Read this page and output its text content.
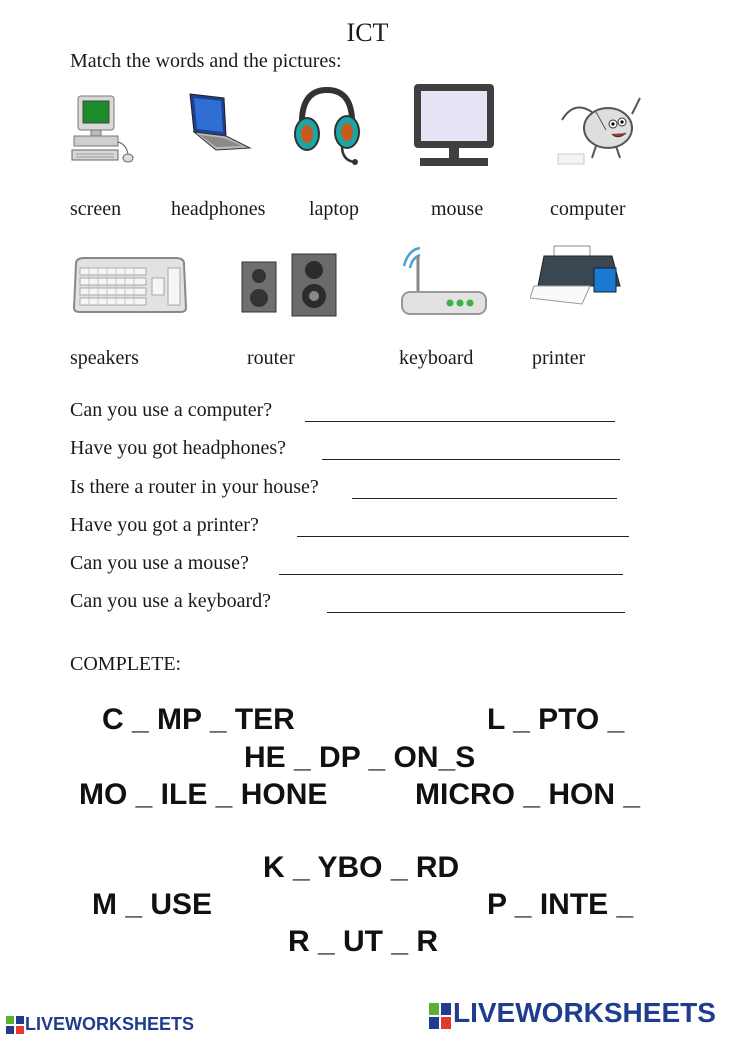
ICT
Match the words and the pictures:
screen headphones laptop	mouse	computer
speakers	router	keyboard	printer
Can you use a computer?
Have you got headphones?
Is there a router in your house?
Have you got a printer?
Can you use a mouse?
Can you use a keyboard?
COMPLETE:
C _ MP _ TER	L _ PTO _
HE _ DP _ ON_S
MO _ ILE _ HONE	MICRO _ HON _
K _ YBO _ RD
M _ USE	P _ INTE _
R _ UT _ R
LIVEWORKSHEETS	LIVEWORKSHEETS
